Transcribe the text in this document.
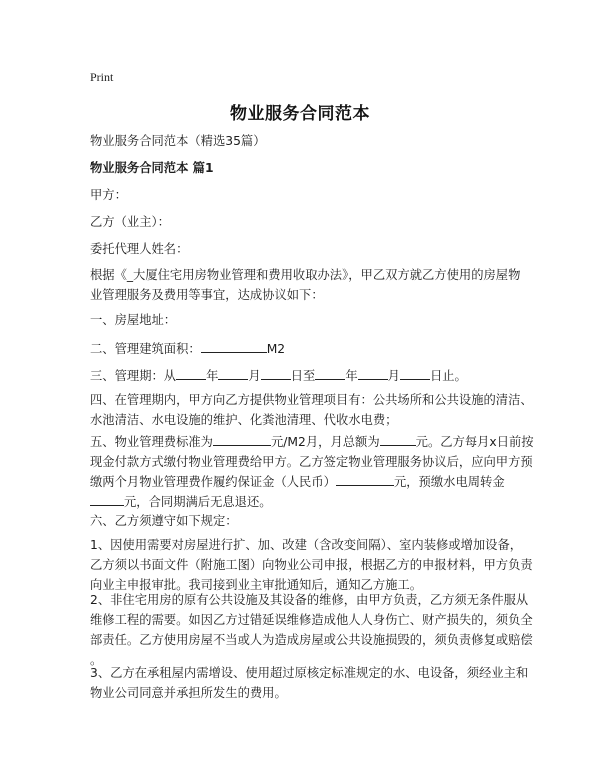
Print
物业服务合同范本
物业服务合同范本（精选35篇）
物业服务合同范本 篇1
甲方：
乙方（业主）：
委托代理人姓名：
根据《_大厦住宅用房物业管理和费用收取办法》，甲乙双方就乙方使用的房屋物
业管理服务及费用等事宜，达成协议如下：
一、房屋地址：
二、管理建筑面积：	M2
三、管理期：从 年 月 日至 年 月 日止。
四、在管理期内，甲方向乙方提供物业管理项目有：公共场所和公共设施的清洁、
水池清洁、水电设施的维护、化粪池清理、代收水电费；
五、物业管理费标准为	元/M2月，月总额为	元。乙方每月x日前按
现金付款方式缴付物业管理费给甲方。乙方签定物业管理服务协议后，应向甲方预
缴两个月物业管理费作履约保证金（人民币）	元，预缴水电周转金
元，合同期满后无息退还。
六、乙方须遵守如下规定：
1、因使用需要对房屋进行扩、加、改建（含改变间隔）、室内装修或增加设备，
乙方须以书面文件（附施工图）向物业公司申报，根据乙方的申报材料，甲方负责
向业主申报审批。我司接到业主审批通知后，通知乙方施工。
2、非住宅用房的原有公共设施及其设备的维修，由甲方负责，乙方须无条件服从
维修工程的需要。如因乙方过错延误维修造成他人人身伤亡、财产损失的，须负全
部责任。乙方使用房屋不当或人为造成房屋或公共设施损毁的，须负责修复或赔偿
。
3、乙方在承租屋内需增设、使用超过原核定标准规定的水、电设备，须经业主和
物业公司同意并承担所发生的费用。
